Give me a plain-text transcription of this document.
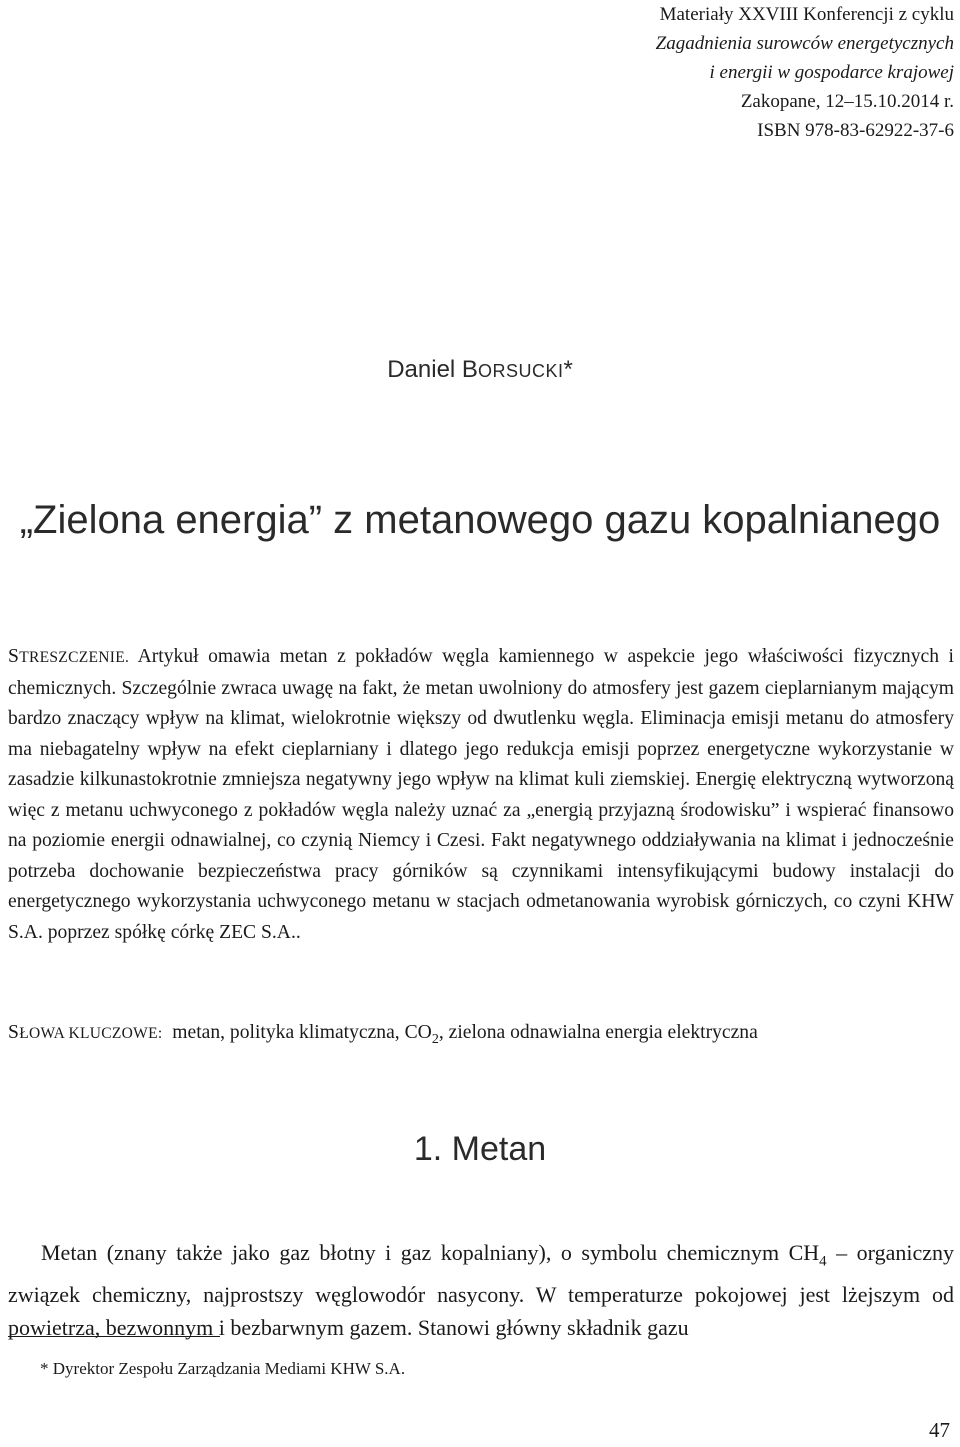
Materiały XXVIII Konferencji z cyklu
Zagadnienia surowców energetycznych
i energii w gospodarce krajowej
Zakopane, 12–15.10.2014 r.
ISBN 978-83-62922-37-6
Daniel BORSUCKI*
„Zielona energia” z metanowego gazu kopalnianego
STRESZCZENIE. Artykuł omawia metan z pokładów węgla kamiennego w aspekcie jego właściwości fizycznych i chemicznych. Szczególnie zwraca uwagę na fakt, że metan uwolniony do atmosfery jest gazem cieplarnianym mającym bardzo znaczący wpływ na klimat, wielokrotnie większy od dwutlenku węgla. Eliminacja emisji metanu do atmosfery ma niebagatelny wpływ na efekt cieplarniany i dlatego jego redukcja emisji poprzez energetyczne wykorzystanie w zasadzie kilkunastokrotnie zmniejsza negatywny jego wpływ na klimat kuli ziemskiej. Energię elektryczną wytworzoną więc z metanu uchwyconego z pokładów węgla należy uznać za „energią przyjazną środowisku” i wspierać finansowo na poziomie energii odnawialnej, co czynią Niemcy i Czesi. Fakt negatywnego oddziaływania na klimat i jednocześnie potrzeba dochowanie bezpieczeństwa pracy górników są czynnikami intensyfikującymi budowy instalacji do energetycznego wykorzystania uchwyconego metanu w stacjach odmetanowania wyrobisk górniczych, co czyni KHW S.A. poprzez spółkę córkę ZEC S.A..
SŁOWA KLUCZOWE:  metan, polityka klimatyczna, $CO_2$, zielona odnawialna energia elektryczna
1. Metan
Metan (znany także jako gaz błotny i gaz kopalniany), o symbolu chemicznym $CH_4$ – organiczny związek chemiczny, najprostszy węglowodór nasycony. W temperaturze pokojowej jest lżejszym od powietrza, bezwonnym i bezbarwnym gazem. Stanowi główny składnik gazu
* Dyrektor Zespołu Zarządzania Mediami KHW S.A.
47
